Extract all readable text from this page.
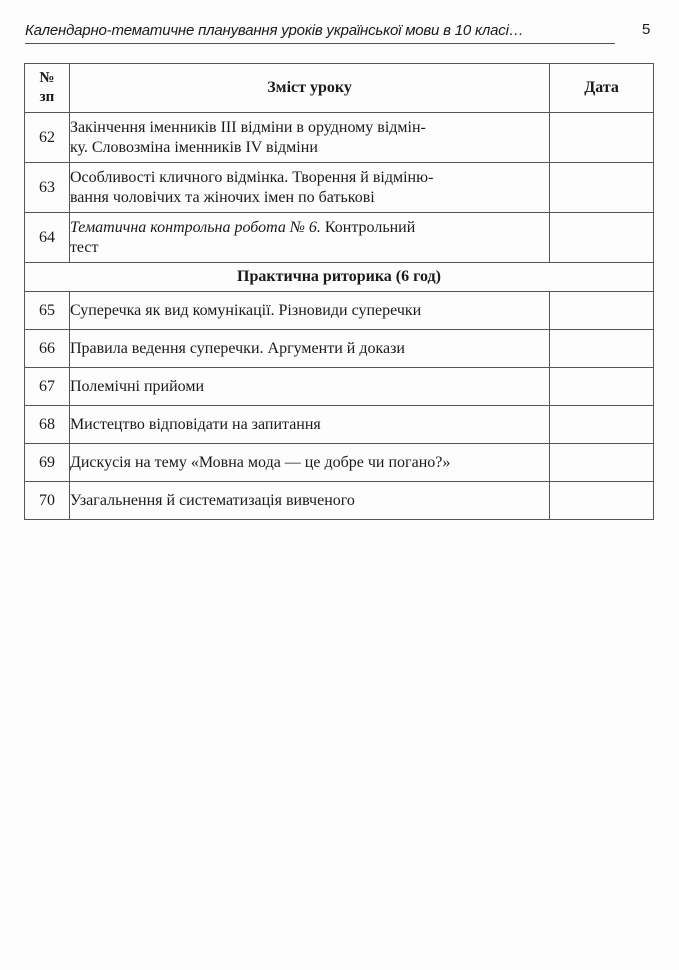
Календарно-тематичне планування уроків української мови в 10 класі…	5
№
зп	Зміст уроку	Дата
62	Закінчення іменників ІІІ відміни в орудному відмін-
ку. Словозміна іменників IV відміни	
63	Особливості кличного відмінка. Творення й відміню-
вання чоловічих та жіночих імен по батькові	
64	Тематична контрольна робота № 6. Контрольний
тест	
Практична риторика (6 год)		
65	Суперечка як вид комунікації. Різновиди суперечки	
66	Правила ведення суперечки. Аргументи й докази	
67	Полемічні прийоми	
68	Мистецтво відповідати на запитання	
69	Дискусія на тему «Мовна мода — це добре чи погано?»	
70	Узагальнення й систематизація вивченого	
